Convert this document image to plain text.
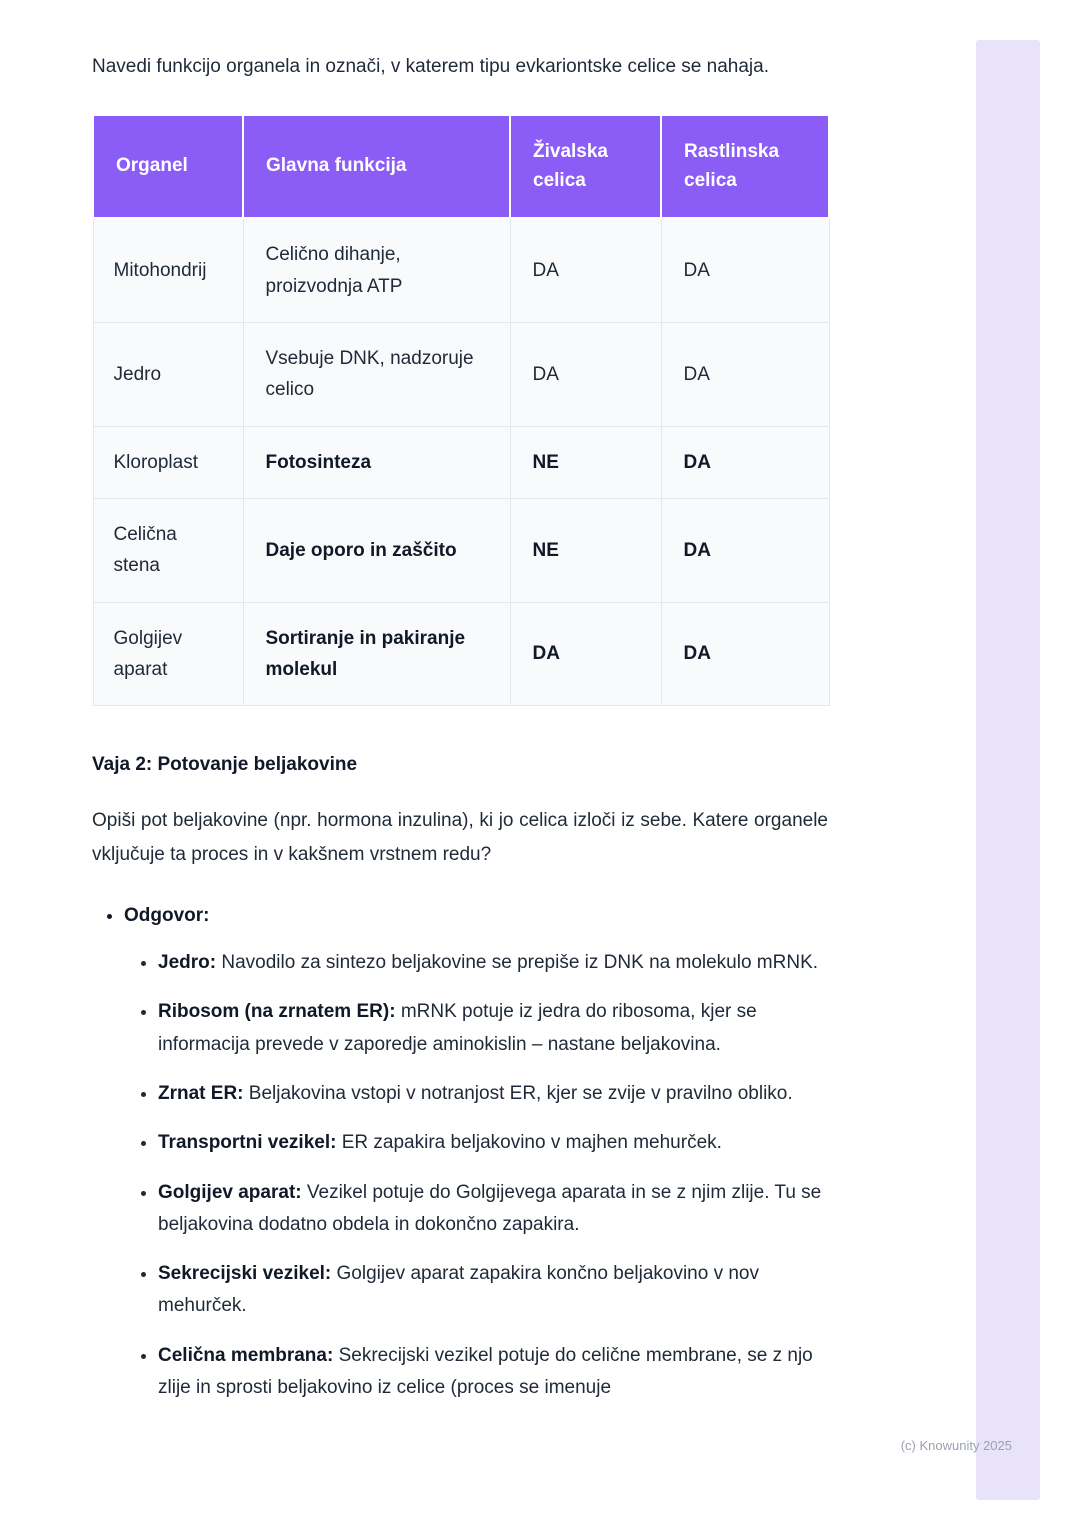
Navedi funkcijo organela in označi, v katerem tipu evkariontske celice se nahaja.

Organel	Glavna funkcija	Živalska celica	Rastlinska celica
Mitohondrij	Celično dihanje, proizvodnja ATP	DA	DA
Jedro	Vsebuje DNK, nadzoruje celico	DA	DA
Kloroplast	Fotosinteza	NE	DA
Celična stena	Daje oporo in zaščito	NE	DA
Golgijev aparat	Sortiranje in pakiranje molekul	DA	DA
Vaja 2: Potovanje beljakovine

Opiši pot beljakovine (npr. hormona inzulina), ki jo celica izloči iz sebe. Katere organele vključuje ta proces in v kakšnem vrstnem redu?

• Odgovor:
• Jedro: Navodilo za sintezo beljakovine se prepiše iz DNK na molekulo mRNK.
• Ribosom (na zrnatem ER): mRNK potuje iz jedra do ribosoma, kjer se informacija prevede v zaporedje aminokislin – nastane beljakovina.
• Zrnat ER: Beljakovina vstopi v notranjost ER, kjer se zvije v pravilno obliko.
• Transportni vezikel: ER zapakira beljakovino v majhen mehurček.
• Golgijev aparat: Vezikel potuje do Golgijevega aparata in se z njim zlije. Tu se beljakovina dodatno obdela in dokončno zapakira.
• Sekrecijski vezikel: Golgijev aparat zapakira končno beljakovino v nov mehurček.
• Celična membrana: Sekrecijski vezikel potuje do celične membrane, se z njo zlije in sprosti beljakovino iz celice (proces se imenuje
(c) Knowunity 2025
